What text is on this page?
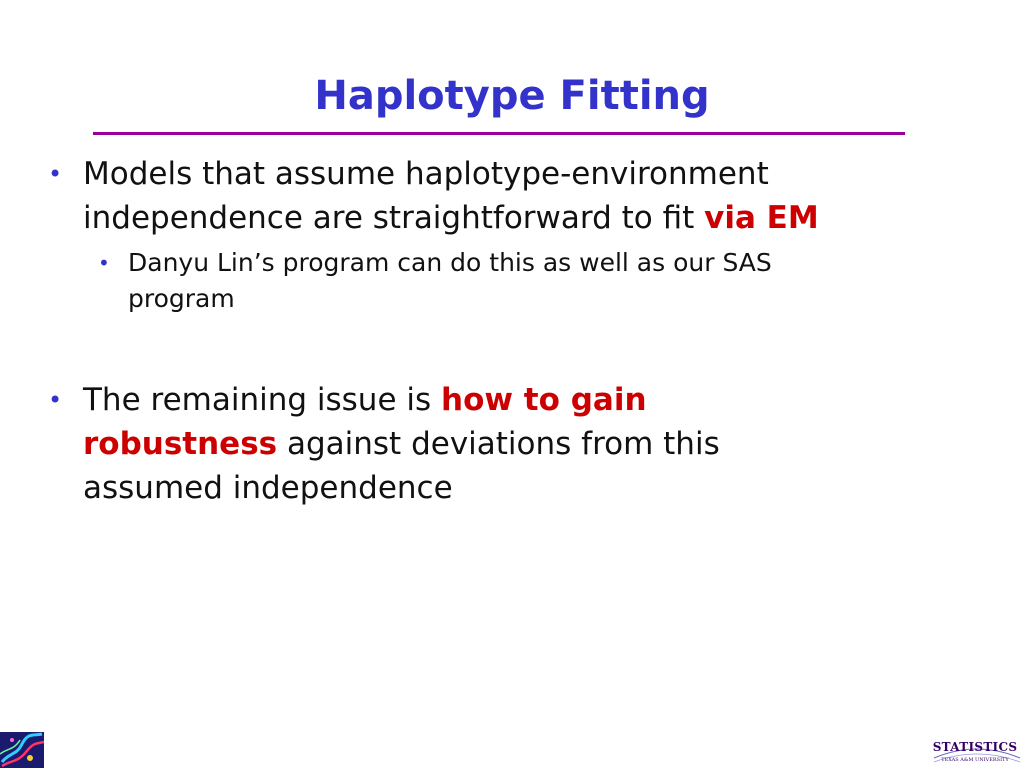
Haplotype Fitting
• Models that assume haplotype-environment
independence are straightforward to fit via EM
• Danyu Lin’s program can do this as well as our SAS
program
• The remaining issue is how to gain
robustness against deviations from this
assumed independence
STATISTICS
TEXAS A&M UNIVERSITY
